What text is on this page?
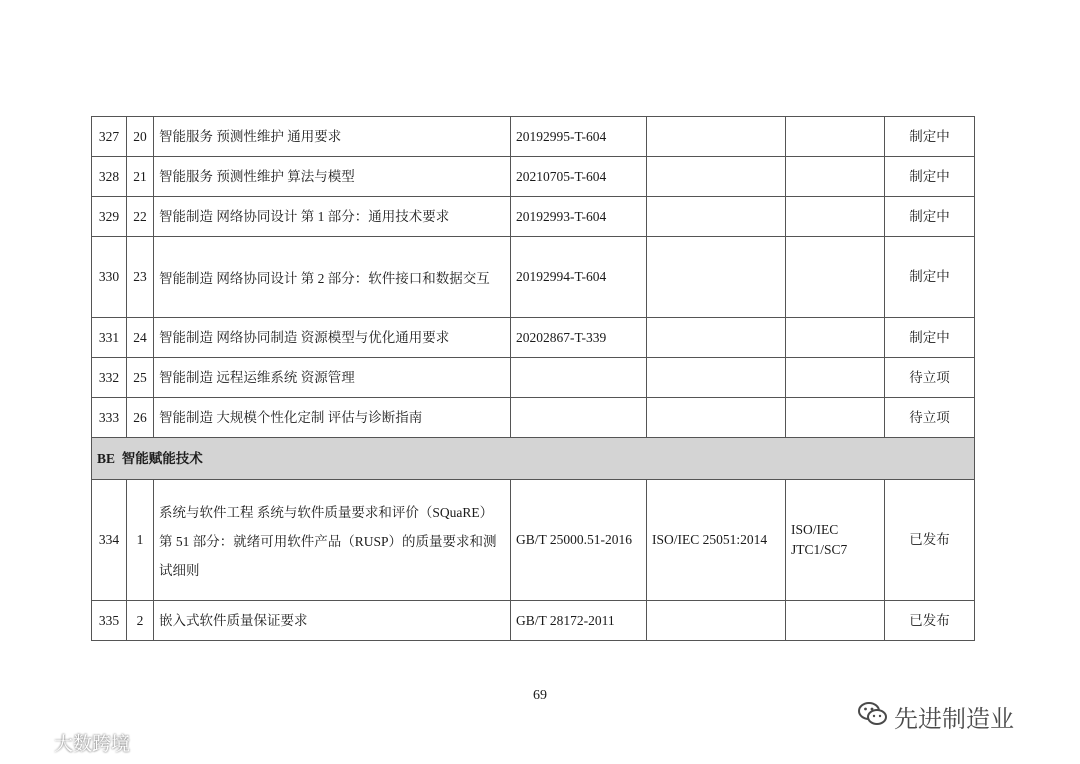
327	20	智能服务 预测性维护 通用要求	20192995-T-604			制定中
328	21	智能服务 预测性维护 算法与模型	20210705-T-604			制定中
329	22	智能制造 网络协同设计 第 1 部分：通用技术要求	20192993-T-604			制定中
330	23	智能制造 网络协同设计 第 2 部分：软件接口和数据交互	20192994-T-604			制定中
331	24	智能制造 网络协同制造 资源模型与优化通用要求	20202867-T-339			制定中
332	25	智能制造 远程运维系统 资源管理				待立项
333	26	智能制造 大规模个性化定制 评估与诊断指南				待立项
BE 智能赋能技术						
334	1	系统与软件工程 系统与软件质量要求和评价（SQuaRE）第 51 部分：就绪可用软件产品（RUSP）的质量要求和测试细则	GB/T 25000.51-2016	ISO/IEC 25051:2014	ISO/IEC JTC1/SC7	已发布
335	2	嵌入式软件质量保证要求	GB/T 28172-2011			已发布
69
先进制造业
大数跨境
